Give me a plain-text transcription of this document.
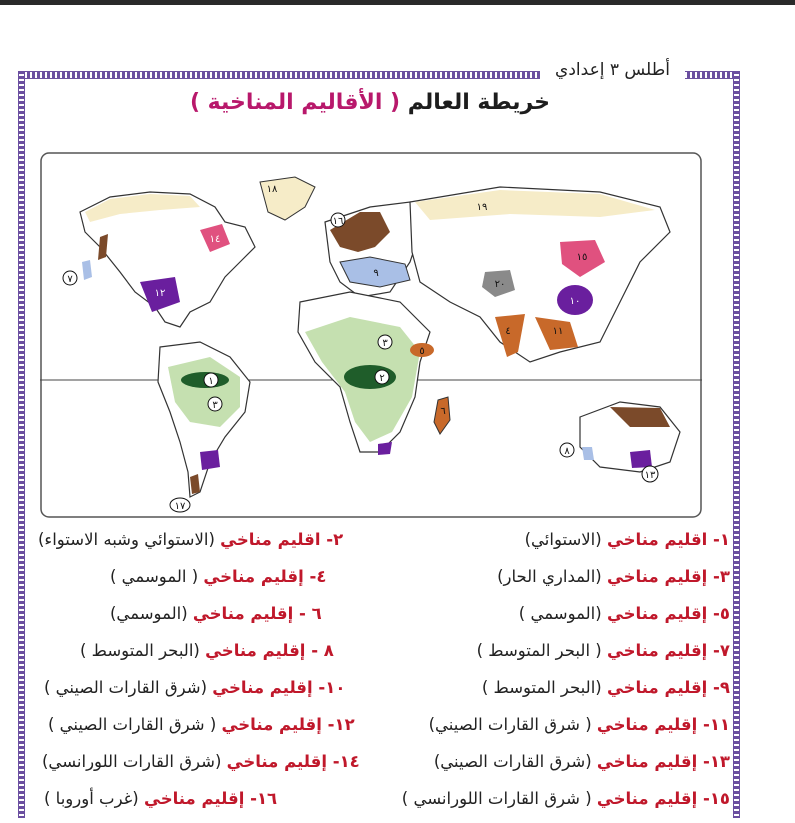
أطلس ٣ إعدادي
خريطة العالم ( الأقاليم المناخية )
١	٢
٣
٣
٤
٥
٦
٧
٨
٩
١٠
١١
١٢
١٣
١٤
١٥
١٦
١٧
١٨
١٩
٢٠
١- اقليم مناخي (الاستوائي)
٢- اقليم مناخي (الاستوائي وشبه الاستواء)
٣- إقليم مناخي (المداري الحار)
٤- إقليم مناخي ( الموسمي )
٥- إقليم مناخي (الموسمي )
٦ - إقليم مناخي (الموسمي)
٧- إقليم مناخي ( البحر المتوسط )
٨ - إقليم مناخي (البحر المتوسط )
٩- إقليم مناخي (البحر المتوسط )
١٠- إقليم مناخي (شرق القارات الصيني )
١١- إقليم مناخي ( شرق القارات الصيني)
١٢- إقليم مناخي ( شرق القارات الصيني )
١٣- إقليم مناخي (شرق القارات الصيني)
١٤- إقليم مناخي (شرق القارات اللورانسي)
١٥- إقليم مناخي ( شرق القارات اللورانسي )
١٦- إقليم مناخي (غرب أوروبا )
